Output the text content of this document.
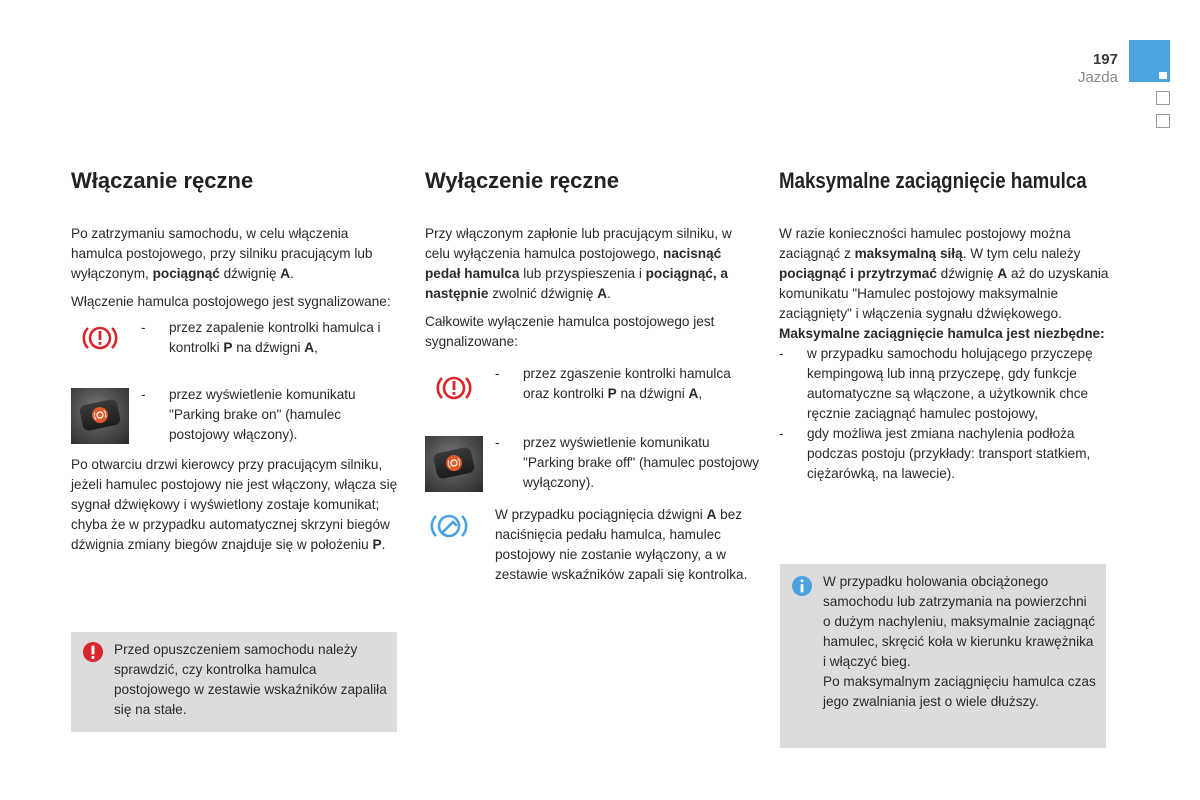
197
Jazda
Włączanie ręczne

Po zatrzymaniu samochodu, w celu włączenia hamulca postojowego, przy silniku pracującym lub wyłączonym, pociągnąć dźwignię A.

Włączenie hamulca postojowego jest sygnalizowane:

- przez zapalenie kontrolki hamulca i kontrolki P na dźwigni A,

- przez wyświetlenie komunikatu "Parking brake on" (hamulec postojowy włączony).

Po otwarciu drzwi kierowcy przy pracującym silniku, jeżeli hamulec postojowy nie jest włączony, włącza się sygnał dźwiękowy i wyświetlony zostaje komunikat; chyba że w przypadku automatycznej skrzyni biegów dźwignia zmiany biegów znajduje się w położeniu P.

Przed opuszczeniem samochodu należy sprawdzić, czy kontrolka hamulca postojowego w zestawie wskaźników zapaliła się na stałe.

Wyłączenie ręczne

Przy włączonym zapłonie lub pracującym silniku, w celu wyłączenia hamulca postojowego, nacisnąć pedał hamulca lub przyspieszenia i pociągnąć, a następnie zwolnić dźwignię A.

Całkowite wyłączenie hamulca postojowego jest sygnalizowane:

- przez zgaszenie kontrolki hamulca oraz kontrolki P na dźwigni A,

- przez wyświetlenie komunikatu "Parking brake off" (hamulec postojowy wyłączony).

W przypadku pociągnięcia dźwigni A bez naciśnięcia pedału hamulca, hamulec postojowy nie zostanie wyłączony, a w zestawie wskaźników zapali się kontrolka.

Maksymalne zaciągnięcie hamulca

W razie konieczności hamulec postojowy można zaciągnąć z maksymalną siłą. W tym celu należy pociągnąć i przytrzymać dźwignię A aż do uzyskania komunikatu "Hamulec postojowy maksymalnie zaciągnięty" i włączenia sygnału dźwiękowego.

Maksymalne zaciągnięcie hamulca jest niezbędne:

- w przypadku samochodu holującego przyczepę kempingową lub inną przyczepę, gdy funkcje automatyczne są włączone, a użytkownik chce ręcznie zaciągnąć hamulec postojowy,

- gdy możliwa jest zmiana nachylenia podłoża podczas postoju (przykłady: transport statkiem, ciężarówką, na lawecie).

W przypadku holowania obciążonego samochodu lub zatrzymania na powierzchni o dużym nachyleniu, maksymalnie zaciągnąć hamulec, skręcić koła w kierunku krawężnika i włączyć bieg.

Po maksymalnym zaciągnięciu hamulca czas jego zwalniania jest o wiele dłuższy.
